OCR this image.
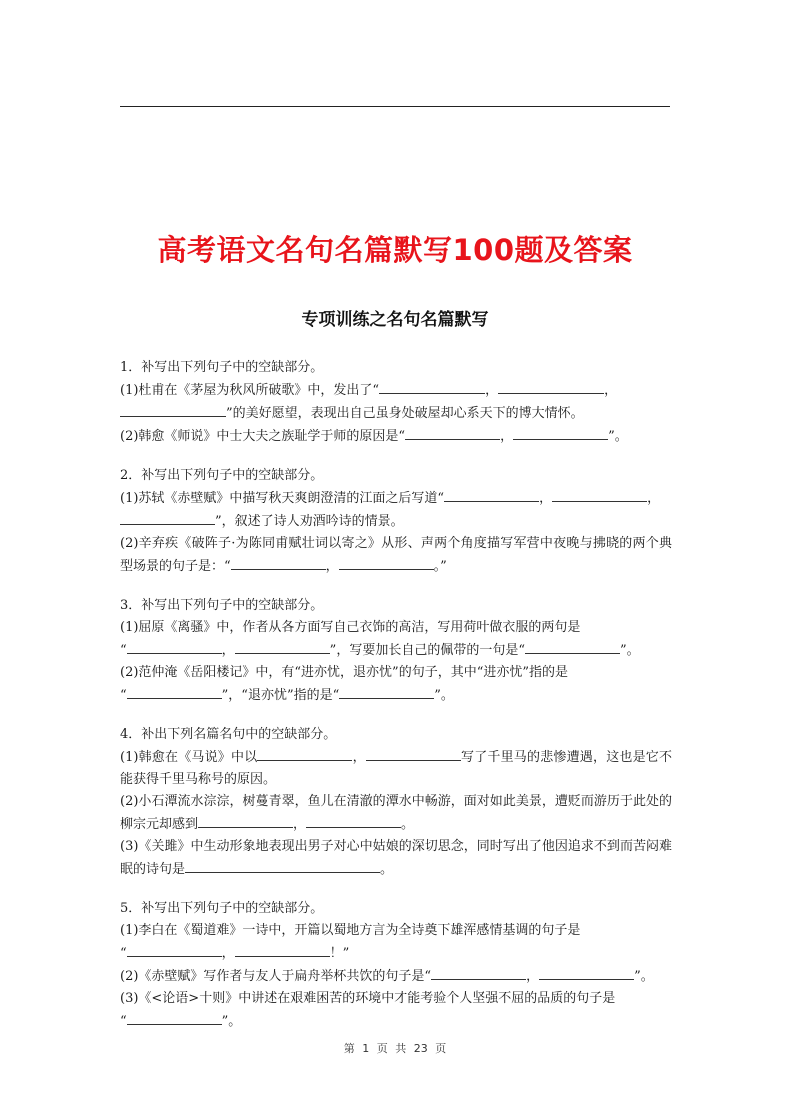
高考语文名句名篇默写100题及答案
专项训练之名句名篇默写
1．补写出下列句子中的空缺部分。
(1)杜甫在《茅屋为秋风所破歌》中，发出了“	，	，
”的美好愿望，表现出自己虽身处破屋却心系天下的博大情怀。
(2)韩愈《师说》中士大夫之族耻学于师的原因是“	，	”。
2．补写出下列句子中的空缺部分。
(1)苏轼《赤壁赋》中描写秋天爽朗澄清的江面之后写道“	，	，
”，叙述了诗人劝酒吟诗的情景。
(2)辛弃疾《破阵子·为陈同甫赋壮词以寄之》从形、声两个角度描写军营中夜晚与拂晓的两个典型场景的句子是：“	，	。”
3．补写出下列句子中的空缺部分。
(1)屈原《离骚》中，作者从各方面写自己衣饰的高洁，写用荷叶做衣服的两句是
“	，	”，写要加长自己的佩带的一句是“	”。
(2)范仲淹《岳阳楼记》中，有“进亦忧，退亦忧”的句子，其中“进亦忧”指的是
“	”，“退亦忧”指的是“	”。
4．补出下列名篇名句中的空缺部分。
(1)韩愈在《马说》中以	，	写了千里马的悲惨遭遇，这也是它不能获得千里马称号的原因。
(2)小石潭流水淙淙，树蔓青翠，鱼儿在清澈的潭水中畅游，面对如此美景，遭贬而游历于此处的柳宗元却感到	，	。
(3)《关雎》中生动形象地表现出男子对心中姑娘的深切思念，同时写出了他因追求不到而苦闷难眠的诗句是	。
5．补写出下列句子中的空缺部分。
(1)李白在《蜀道难》一诗中，开篇以蜀地方言为全诗奠下雄浑感情基调的句子是
“	，	！”
(2)《赤壁赋》写作者与友人于扁舟举杯共饮的句子是“	，	”。
(3)《<论语>十则》中讲述在艰难困苦的环境中才能考验个人坚强不屈的品质的句子是
“	”。
第 1 页 共 23 页
